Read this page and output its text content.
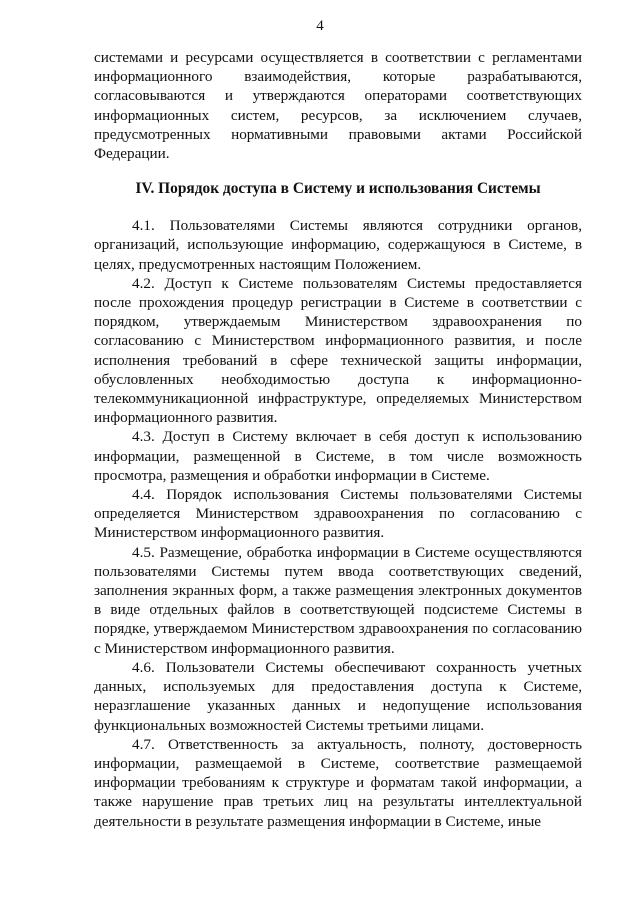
4

системами и ресурсами осуществляется в соответствии с регламентами информационного взаимодействия, которые разрабатываются, согласовываются и утверждаются операторами соответствующих информационных систем, ресурсов, за исключением случаев, предусмотренных нормативными правовыми актами Российской Федерации.

IV. Порядок доступа в Систему и использования Системы

4.1. Пользователями Системы являются сотрудники органов, организаций, использующие информацию, содержащуюся в Системе, в целях, предусмотренных настоящим Положением.

4.2. Доступ к Системе пользователям Системы предоставляется после прохождения процедур регистрации в Системе в соответствии с порядком, утверждаемым Министерством здравоохранения по согласованию с Министерством информационного развития, и после исполнения требований в сфере технической защиты информации, обусловленных необходимостью доступа к информационно-телекоммуникационной инфраструктуре, определяемых Министерством информационного развития.

4.3. Доступ в Систему включает в себя доступ к использованию информации, размещенной в Системе, в том числе возможность просмотра, размещения и обработки информации в Системе.

4.4. Порядок использования Системы пользователями Системы определяется Министерством здравоохранения по согласованию с Министерством информационного развития.

4.5. Размещение, обработка информации в Системе осуществляются пользователями Системы путем ввода соответствующих сведений, заполнения экранных форм, а также размещения электронных документов в виде отдельных файлов в соответствующей подсистеме Системы в порядке, утверждаемом Министерством здравоохранения по согласованию с Министерством информационного развития.

4.6. Пользователи Системы обеспечивают сохранность учетных данных, используемых для предоставления доступа к Системе, неразглашение указанных данных и недопущение использования функциональных возможностей Системы третьими лицами.

4.7. Ответственность за актуальность, полноту, достоверность информации, размещаемой в Системе, соответствие размещаемой информации требованиям к структуре и форматам такой информации, а также нарушение прав третьих лиц на результаты интеллектуальной деятельности в результате размещения информации в Системе, иные
